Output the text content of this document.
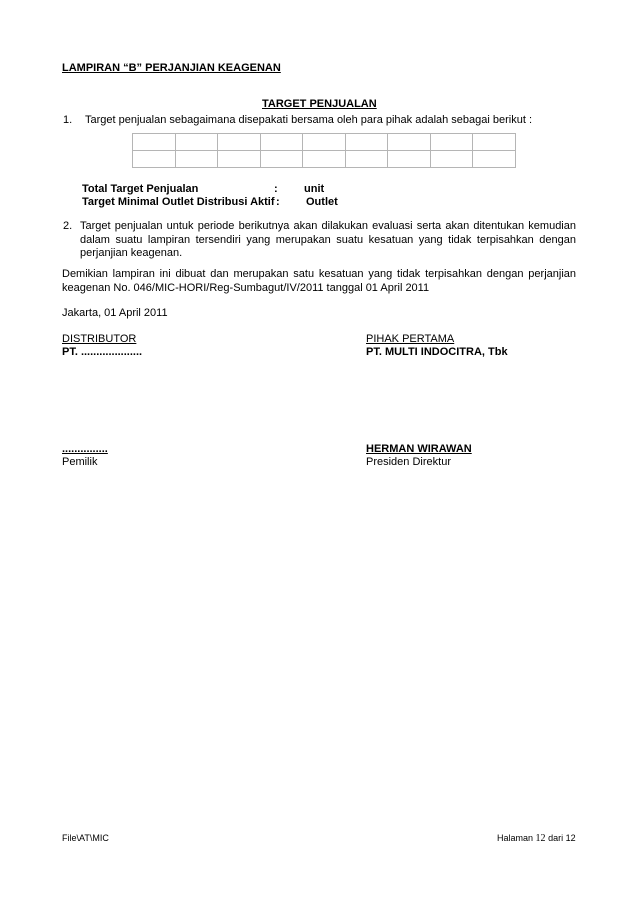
LAMPIRAN “B” PERJANJIAN KEAGENAN
TARGET PENJUALAN
1. Target penjualan sebagaimana disepakati bersama oleh para pihak adalah sebagai berikut :

Total Target Penjualan	: unit
Target Minimal Outlet Distribusi Aktif : Outlet
2. Target penjualan untuk periode berikutnya akan dilakukan evaluasi serta akan ditentukan kemudian dalam suatu lampiran tersendiri yang merupakan suatu kesatuan yang tidak terpisahkan dengan perjanjian keagenan.
Demikian lampiran ini dibuat dan merupakan satu kesatuan yang tidak terpisahkan dengan perjanjian keagenan No. 046/MIC-HORI/Reg-Sumbagut/IV/2011 tanggal 01 April 2011
Jakarta, 01 April 2011
DISTRIBUTOR
PT. ....................
PIHAK PERTAMA
PT. MULTI INDOCITRA, Tbk
...............
Pemilik
HERMAN WIRAWAN
Presiden Direktur
File\AT\MIC	Halaman 12 dari 12
